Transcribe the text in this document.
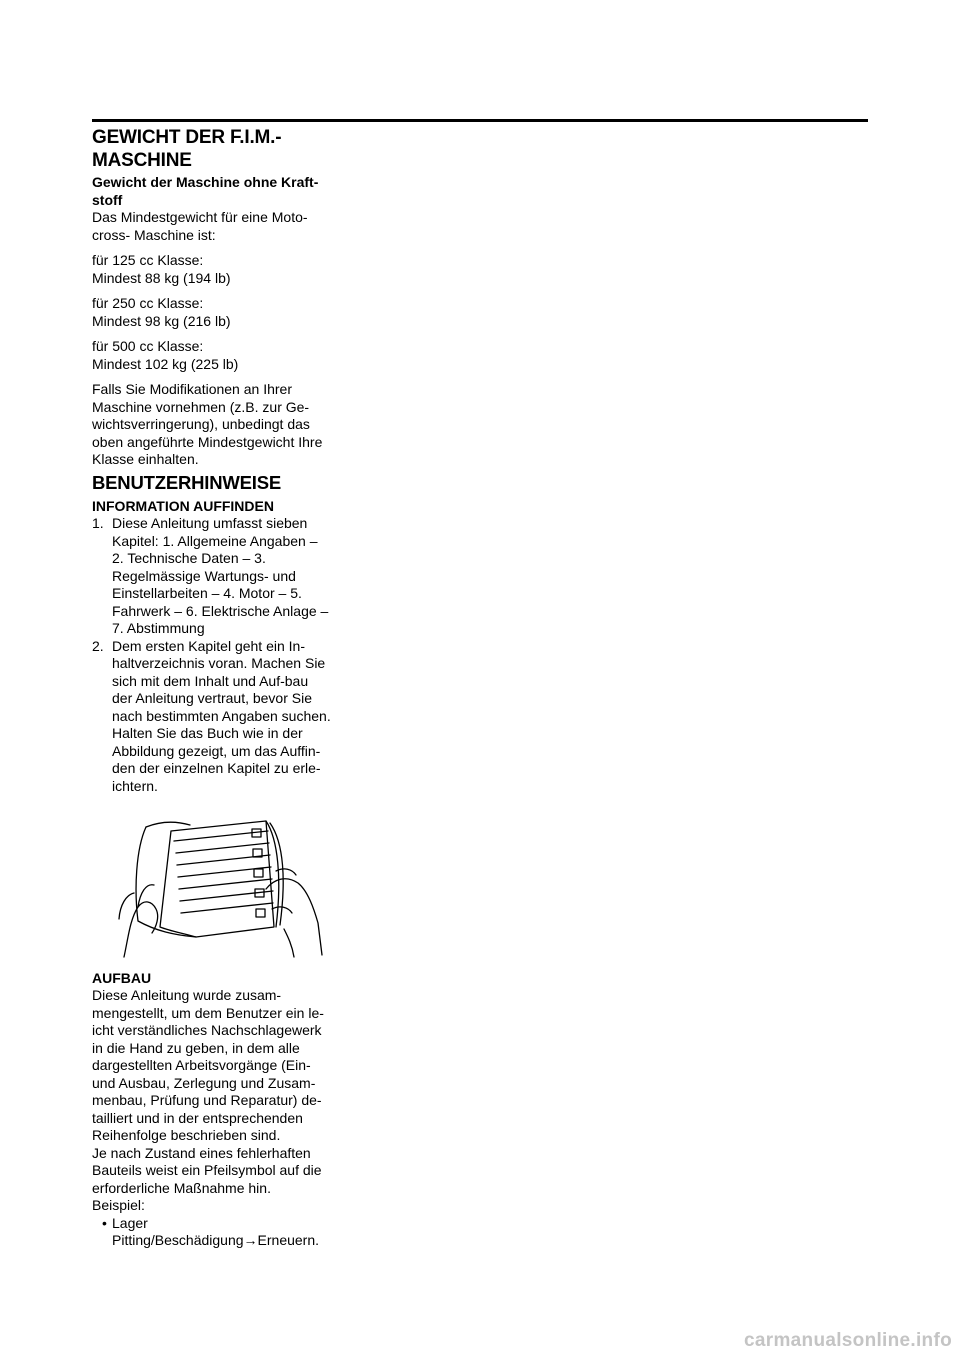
GEWICHT DER F.I.M.-
MASCHINE

Gewicht der Maschine ohne Kraft-stoff

Das Mindestgewicht für eine Moto-cross- Maschine ist:

für 125 cc Klasse:

Mindest 88 kg (194 lb)

für 250 cc Klasse:

Mindest 98 kg (216 lb)

für 500 cc Klasse:

Mindest 102 kg (225 lb)

Falls Sie Modifikationen an Ihrer Maschine vornehmen (z.B. zur Ge-wichtsverringerung), unbedingt das oben angeführte Mindestgewicht Ihre Klasse einhalten.

BENUTZERHINWEISE

INFORMATION AUFFINDEN

1. Diese Anleitung umfasst sieben Kapitel: 1. Allgemeine Angaben – 2. Technische Daten – 3. Regelmässige Wartungs- und Einstellarbeiten – 4. Motor – 5. Fahrwerk – 6. Elektrische Anlage – 7. Abstimmung
2. Dem ersten Kapitel geht ein In-haltverzeichnis voran. Machen Sie sich mit dem Inhalt und Auf-bau der Anleitung vertraut, bevor Sie nach bestimmten Angaben suchen.
Halten Sie das Buch wie in der Abbildung gezeigt, um das Auffin-den der einzelnen Kapitel zu erle-ichtern.

AUFBAU

Diese Anleitung wurde zusam-mengestellt, um dem Benutzer ein le-icht verständliches Nachschlagewerk in die Hand zu geben, in dem alle dargestellten Arbeitsvorgänge (Ein- und Ausbau, Zerlegung und Zusam-menbau, Prüfung und Reparatur) de-tailliert und in der entsprechenden Reihenfolge beschrieben sind.

Je nach Zustand eines fehlerhaften Bauteils weist ein Pfeilsymbol auf die erforderliche Maßnahme hin.

Beispiel:

• Lager
Pitting/Beschädigung→Erneuern.
carmanualsonline.info
